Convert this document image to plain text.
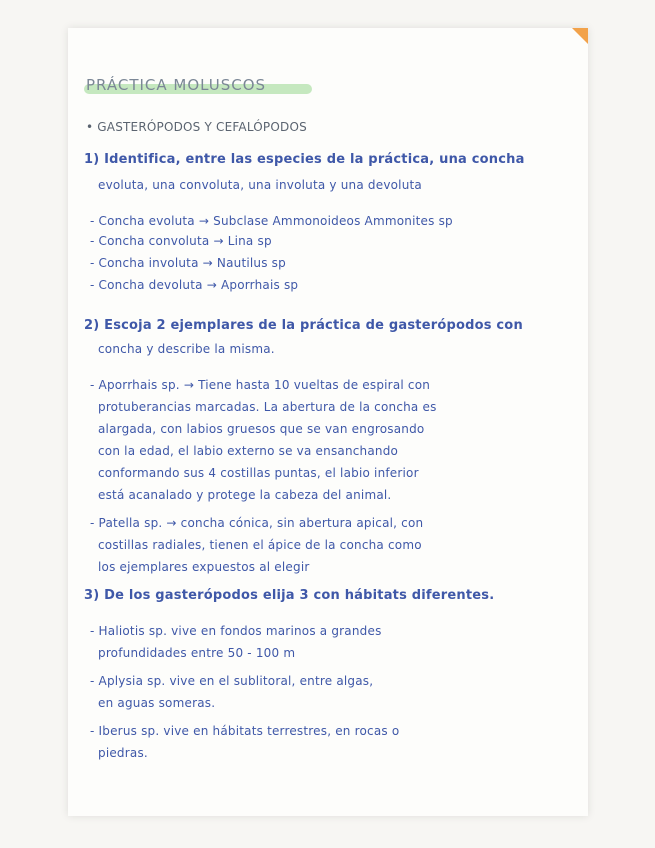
PRÁCTICA MOLUSCOS
• GASTERÓPODOS Y CEFALÓPODOS
1) Identifica, entre las especies de la práctica, una concha
evoluta, una convoluta, una involuta y una devoluta
- Concha evoluta → Subclase Ammonoideos Ammonites sp
- Concha convoluta → Lina sp
- Concha involuta → Nautilus sp
- Concha devoluta → Aporrhais sp
2) Escoja 2 ejemplares de la práctica de gasterópodos con
concha y describe la misma.
- Aporrhais sp. → Tiene hasta 10 vueltas de espiral con
protuberancias marcadas. La abertura de la concha es
alargada, con labios gruesos que se van engrosando
con la edad, el labio externo se va ensanchando
conformando sus 4 costillas puntas, el labio inferior
está acanalado y protege la cabeza del animal.
- Patella sp. → concha cónica, sin abertura apical, con
costillas radiales, tienen el ápice de la concha como
los ejemplares expuestos al elegir
3) De los gasterópodos elija 3 con hábitats diferentes.
- Haliotis sp. vive en fondos marinos a grandes
profundidades entre 50 - 100 m
- Aplysia sp. vive en el sublitoral, entre algas,
en aguas someras.
- Iberus sp. vive en hábitats terrestres, en rocas o
piedras.
